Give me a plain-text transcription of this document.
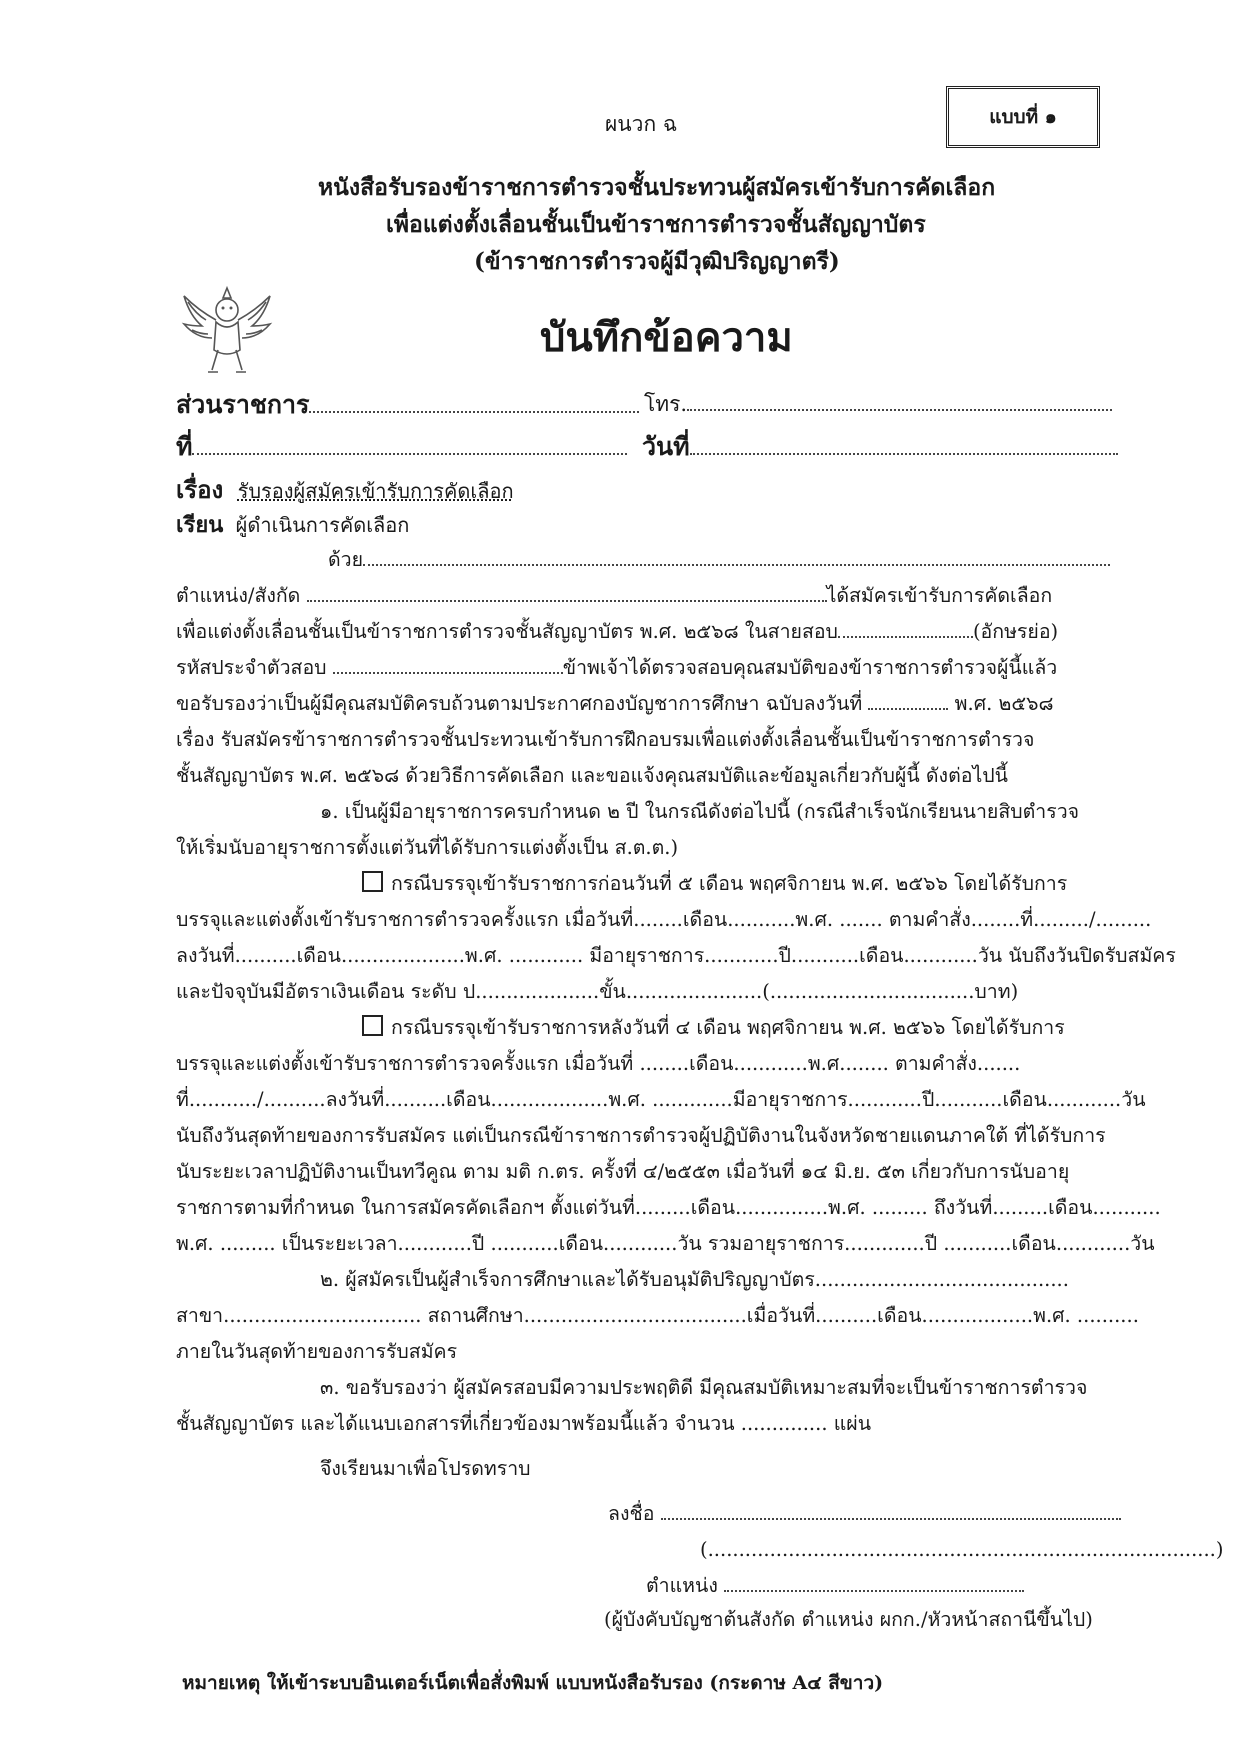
ผนวก ฉ	แบบที่ ๑
หนังสือรับรองข้าราชการตำรวจชั้นประทวนผู้สมัครเข้ารับการคัดเลือก
เพื่อแต่งตั้งเลื่อนชั้นเป็นข้าราชการตำรวจชั้นสัญญาบัตร
(ข้าราชการตำรวจผู้มีวุฒิปริญญาตรี)
บันทึกข้อความ
ส่วนราชการ	โทร.
ที่	วันที่
เรื่อง รับรองผู้สมัครเข้ารับการคัดเลือก
เรียน ผู้ดำเนินการคัดเลือก
ด้วย
ตำแหน่ง/สังกัด	ได้สมัครเข้ารับการคัดเลือก
เพื่อแต่งตั้งเลื่อนชั้นเป็นข้าราชการตำรวจชั้นสัญญาบัตร พ.ศ. ๒๕๖๘ ในสายสอบ	(อักษรย่อ)
รหัสประจำตัวสอบ	ข้าพเจ้าได้ตรวจสอบคุณสมบัติของข้าราชการตำรวจผู้นี้แล้ว
ขอรับรองว่าเป็นผู้มีคุณสมบัติครบถ้วนตามประกาศกองบัญชาการศึกษา ฉบับลงวันที่	พ.ศ. ๒๕๖๘
เรื่อง รับสมัครข้าราชการตำรวจชั้นประทวนเข้ารับการฝึกอบรมเพื่อแต่งตั้งเลื่อนชั้นเป็นข้าราชการตำรวจ
ชั้นสัญญาบัตร พ.ศ. ๒๕๖๘ ด้วยวิธีการคัดเลือก และขอแจ้งคุณสมบัติและข้อมูลเกี่ยวกับผู้นี้ ดังต่อไปนี้
๑. เป็นผู้มีอายุราชการครบกำหนด ๒ ปี ในกรณีดังต่อไปนี้ (กรณีสำเร็จนักเรียนนายสิบตำรวจ
ให้เริ่มนับอายุราชการตั้งแต่วันที่ได้รับการแต่งตั้งเป็น ส.ต.ต.)
กรณีบรรจุเข้ารับราชการก่อนวันที่ ๕ เดือน พฤศจิกายน พ.ศ. ๒๕๖๖ โดยได้รับการ
บรรจุและแต่งตั้งเข้ารับราชการตำรวจครั้งแรก เมื่อวันที่........เดือน...........พ.ศ. ....... ตามคำสั่ง........ที่........./.........
ลงวันที่..........เดือน....................พ.ศ. ............ มีอายุราชการ............ปี...........เดือน............วัน นับถึงวันปิดรับสมัคร
และปัจจุบันมีอัตราเงินเดือน ระดับ ป....................ขั้น......................(.................................บาท)
กรณีบรรจุเข้ารับราชการหลังวันที่ ๔ เดือน พฤศจิกายน พ.ศ. ๒๕๖๖ โดยได้รับการ
บรรจุและแต่งตั้งเข้ารับราชการตำรวจครั้งแรก เมื่อวันที่ ........เดือน............พ.ศ........ ตามคำสั่ง.......
ที่.........../..........ลงวันที่..........เดือน...................พ.ศ. .............มีอายุราชการ............ปี...........เดือน............วัน
นับถึงวันสุดท้ายของการรับสมัคร แต่เป็นกรณีข้าราชการตำรวจผู้ปฏิบัติงานในจังหวัดชายแดนภาคใต้ ที่ได้รับการ
นับระยะเวลาปฏิบัติงานเป็นทวีคูณ ตาม มติ ก.ตร. ครั้งที่ ๔/๒๕๕๓ เมื่อวันที่ ๑๔ มิ.ย. ๕๓ เกี่ยวกับการนับอายุ
ราชการตามที่กำหนด ในการสมัครคัดเลือกฯ ตั้งแต่วันที่.........เดือน...............พ.ศ. ......... ถึงวันที่.........เดือน...........
พ.ศ. ......... เป็นระยะเวลา............ปี ...........เดือน............วัน รวมอายุราชการ.............ปี ...........เดือน............วัน
๒. ผู้สมัครเป็นผู้สำเร็จการศึกษาและได้รับอนุมัติปริญญาบัตร.........................................
สาขา................................ สถานศึกษา....................................เมื่อวันที่..........เดือน..................พ.ศ. ..........
ภายในวันสุดท้ายของการรับสมัคร
๓. ขอรับรองว่า ผู้สมัครสอบมีความประพฤติดี มีคุณสมบัติเหมาะสมที่จะเป็นข้าราชการตำรวจ
ชั้นสัญญาบัตร และได้แนบเอกสารที่เกี่ยวข้องมาพร้อมนี้แล้ว จำนวน .............. แผ่น
จึงเรียนมาเพื่อโปรดทราบ
ลงชื่อ
(..................................................................................)
ตำแหน่ง
(ผู้บังคับบัญชาต้นสังกัด ตำแหน่ง ผกก./หัวหน้าสถานีขึ้นไป)
หมายเหตุ ให้เข้าระบบอินเตอร์เน็ตเพื่อสั่งพิมพ์ แบบหนังสือรับรอง (กระดาษ A๔ สีขาว)
